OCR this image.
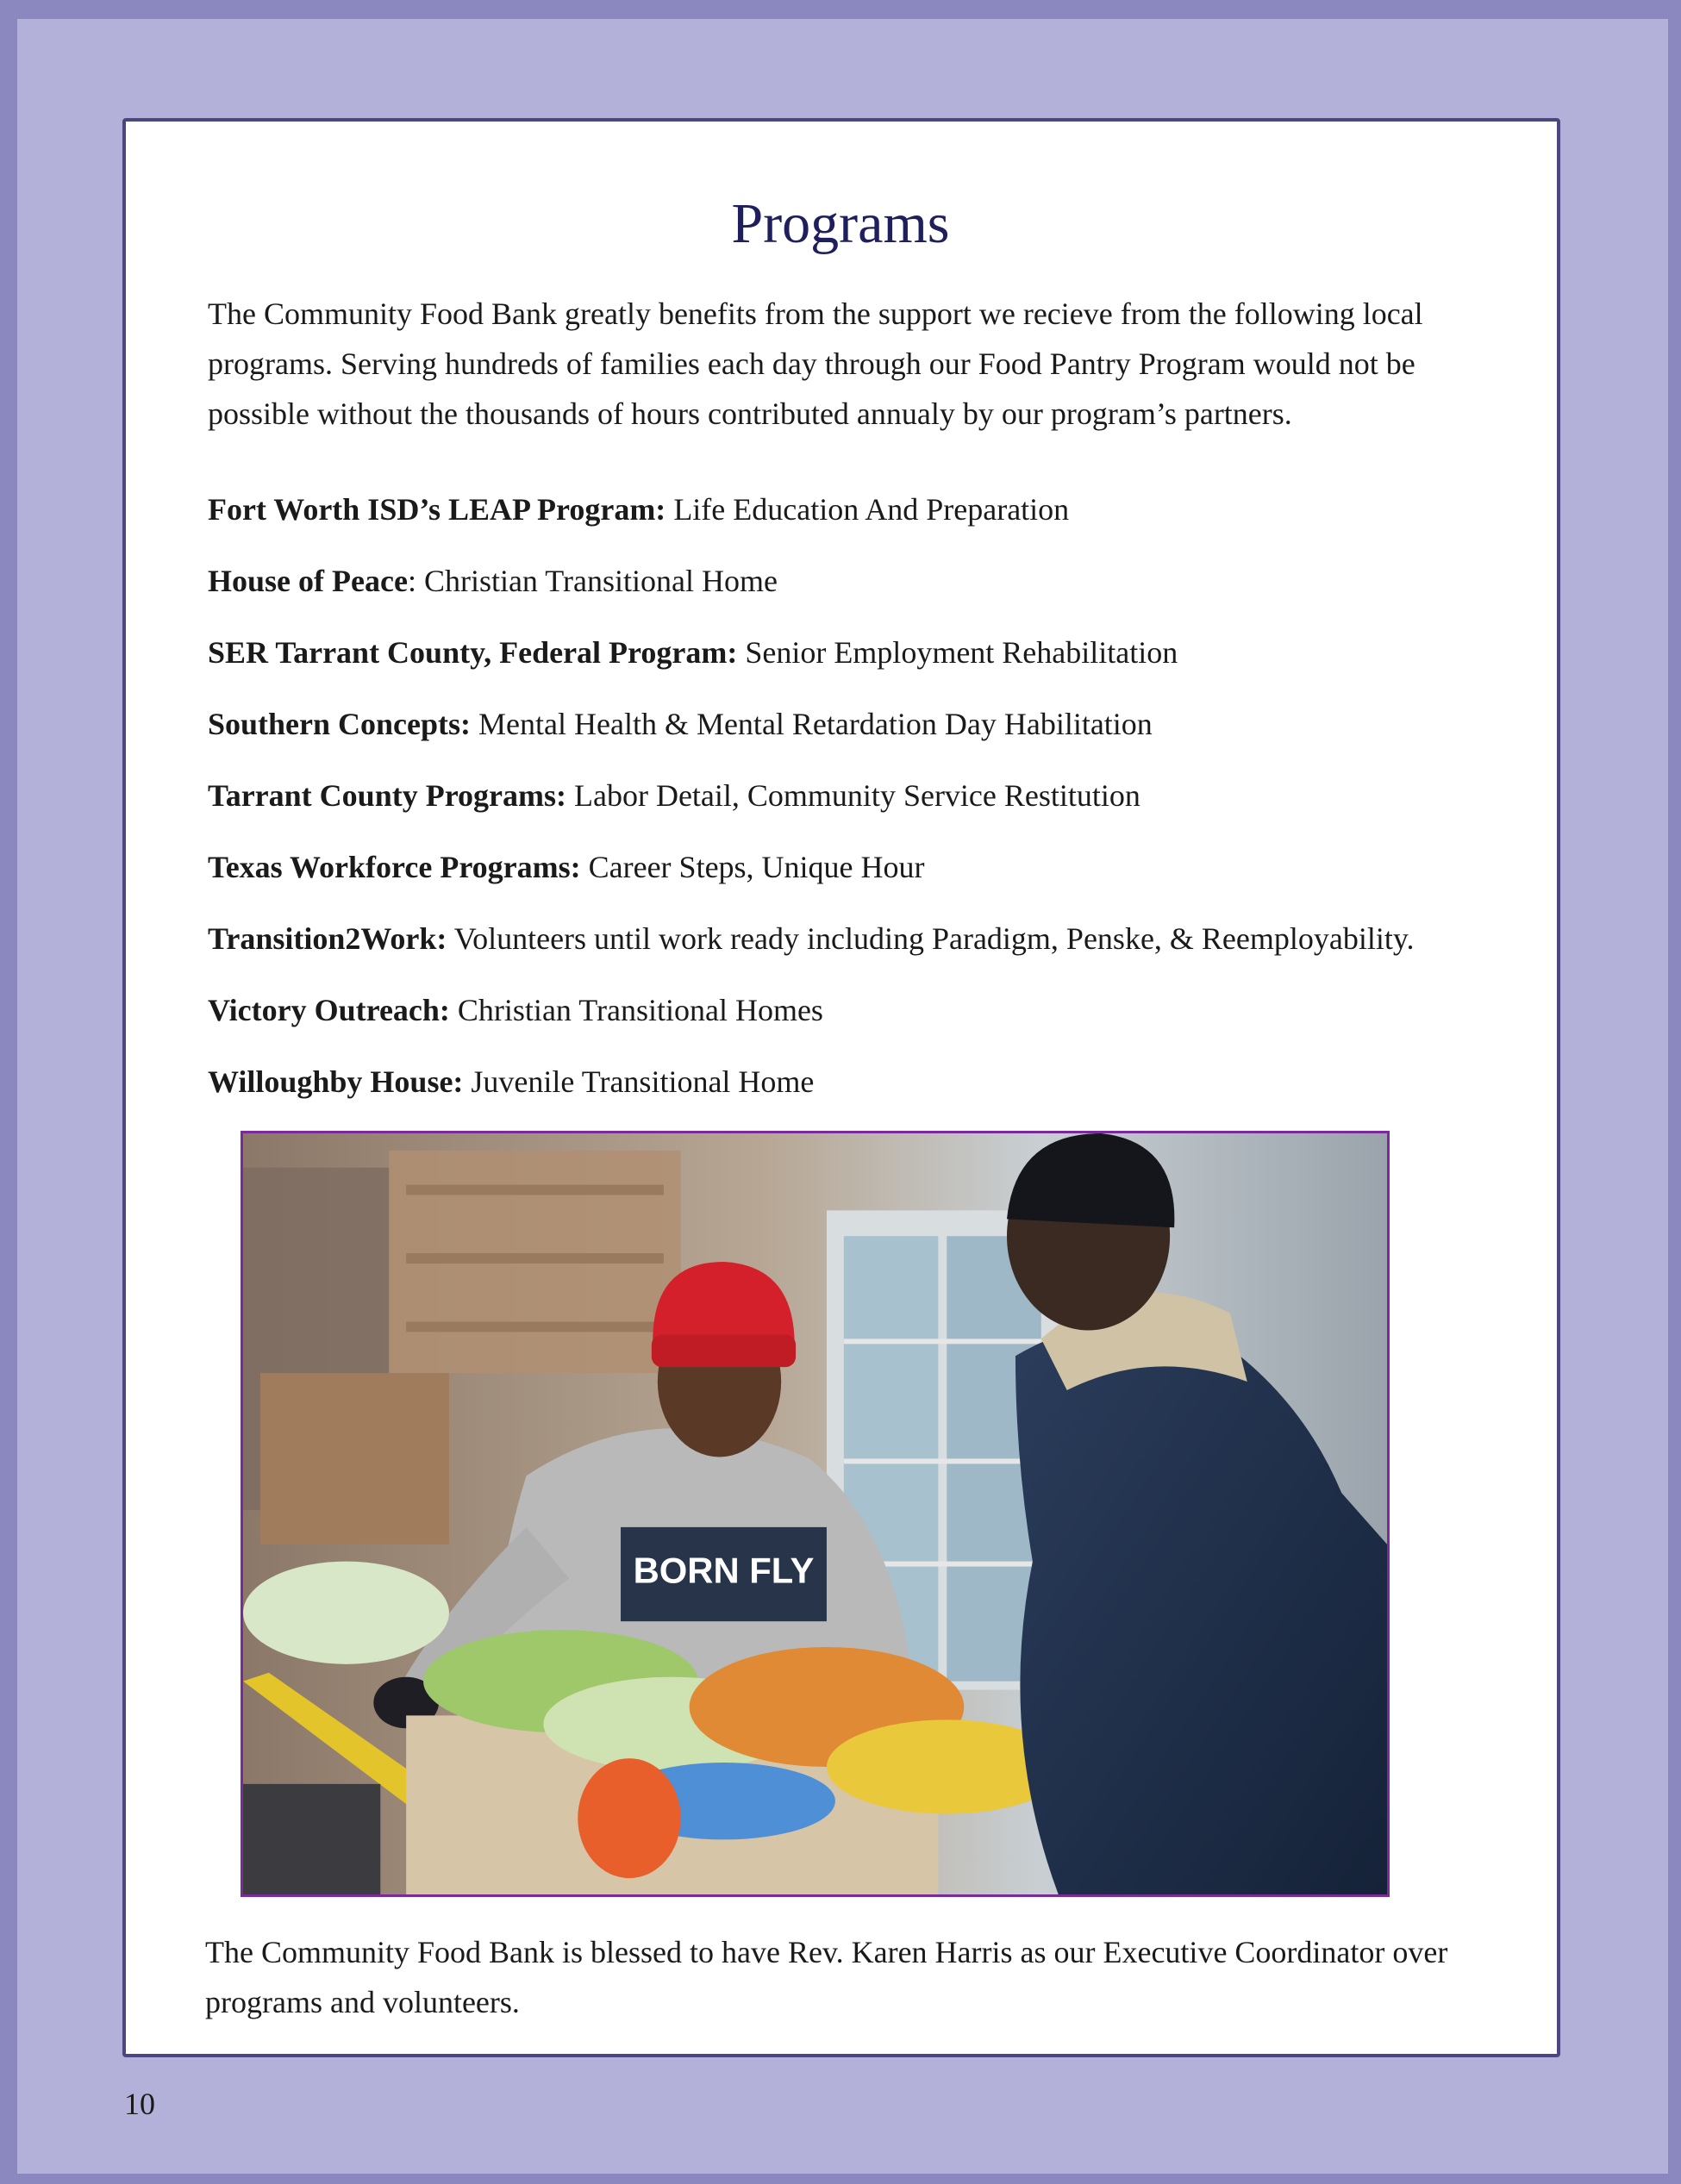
Programs

The Community Food Bank greatly benefits from the support we recieve from the following local programs. Serving hundreds of families each day through our Food Pantry Program would not be possible without the thousands of hours contributed annualy by our program’s partners.

Fort Worth ISD’s LEAP Program: Life Education And Preparation
House of Peace: Christian Transitional Home
SER Tarrant County, Federal Program: Senior Employment Rehabilitation
Southern Concepts: Mental Health & Mental Retardation Day Habilitation
Tarrant County Programs: Labor Detail, Community Service Restitution
Texas Workforce Programs: Career Steps, Unique Hour
Transition2Work: Volunteers until work ready including Paradigm, Penske, & Reemployability.
Victory Outreach: Christian Transitional Homes
Willoughby House: Juvenile Transitional Home
BORN FLY

The Community Food Bank is blessed to have Rev. Karen Harris as our Executive Coordinator over programs and volunteers.

10
